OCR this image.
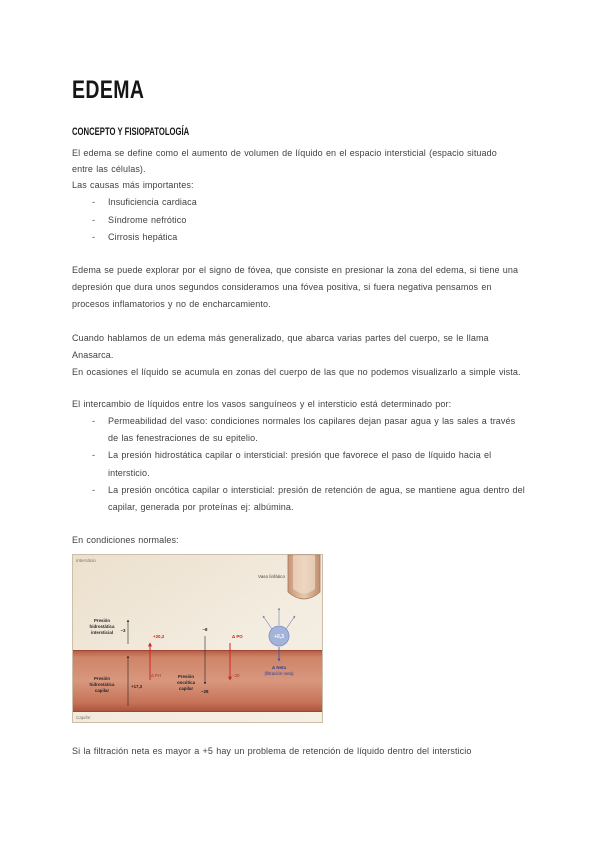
EDEMA
CONCEPTO Y FISIOPATOLOGÍA
El edema se define como el aumento de volumen de líquido en el espacio intersticial (espacio situado
entre las células).
Las causas más importantes:
- Insuficiencia cardiaca
- Síndrome nefrótico
- Cirrosis hepática
Edema se puede explorar por el signo de fóvea, que consiste en presionar la zona del edema, si tiene una
depresión que dura unos segundos consideramos una fóvea positiva, si fuera negativa pensamos en
procesos inflamatorios y no de encharcamiento.
Cuando hablamos de un edema más generalizado, que abarca varias partes del cuerpo, se le llama
Anasarca.
En ocasiones el líquido se acumula en zonas del cuerpo de las que no podemos visualizarlo a simple vista.
El intercambio de líquidos entre los vasos sanguíneos y el intersticio está determinado por:
- Permeabilidad del vaso: condiciones normales los capilares dejan pasar agua y las sales a través
de las fenestraciones de su epitelio.
- La presión hidrostática capilar o intersticial: presión que favorece el paso de líquido hacia el
intersticio.
- La presión oncótica capilar o intersticial: presión de retención de agua, se mantiene agua dentro del
capilar, generada por proteínas ej: albúmina.
En condiciones normales:
Intersticio
Capilar
Vaso linfático
Presión
hidrostática
intersticial −3
Presión
hidrostática
capilar
+17,3
+20,3
Δ PH
−8
Presión
oncótica
capilar
−28
Δ PO
−20
+0,3
Δ Neta
(filtración neta)
Si la filtración neta es mayor a +5 hay un problema de retención de líquido dentro del intersticio
